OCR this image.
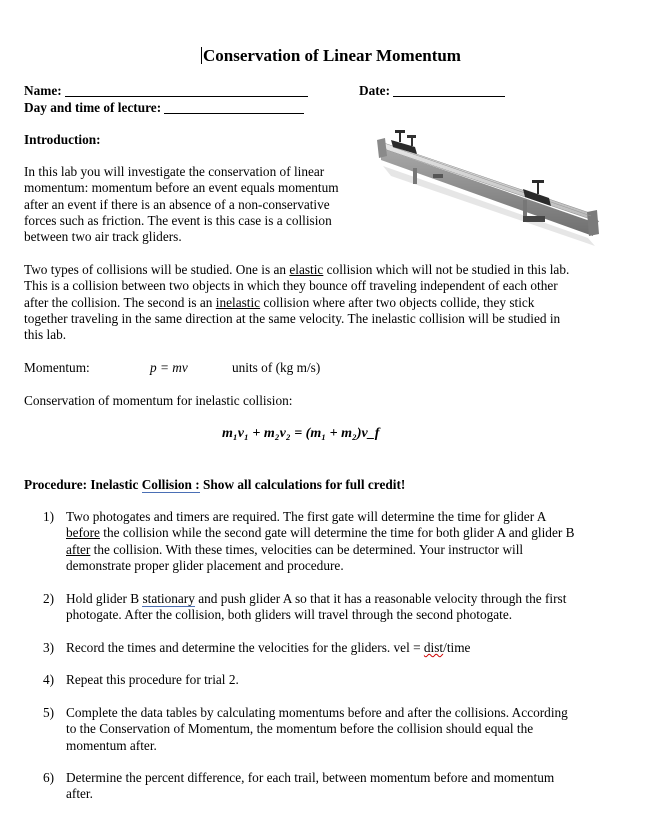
Conservation of Linear Momentum
Name:	Date:
Day and time of lecture:
Introduction:
In this lab you will investigate the conservation of linear
momentum: momentum before an event equals momentum
after an event if there is an absence of a non-conservative
forces such as friction. The event is this case is a collision
between two air track gliders.
Two types of collisions will be studied. One is an elastic collision which will not be studied in this lab.
This is a collision between two objects in which they bounce off traveling independent of each other
after the collision. The second is an inelastic collision where after two objects collide, they stick
together traveling in the same direction at the same velocity. The inelastic collision will be studied in
this lab.
Momentum:	p = mv	units of (kg m/s)
Conservation of momentum for inelastic collision:
m₁v₁ + m₂v₂ = (m₁ + m₂)v_f
Procedure: Inelastic Collision : Show all calculations for full credit!
1) Two photogates and timers are required. The first gate will determine the time for glider A
before the collision while the second gate will determine the time for both glider A and glider B
after the collision. With these times, velocities can be determined. Your instructor will
demonstrate proper glider placement and procedure.
2) Hold glider B stationary and push glider A so that it has a reasonable velocity through the first
photogate. After the collision, both gliders will travel through the second photogate.
3) Record the times and determine the velocities for the gliders. vel = dist/time
4) Repeat this procedure for trial 2.
5) Complete the data tables by calculating momentums before and after the collisions. According
to the Conservation of Momentum, the momentum before the collision should equal the
momentum after.
6) Determine the percent difference, for each trail, between momentum before and momentum
after.
